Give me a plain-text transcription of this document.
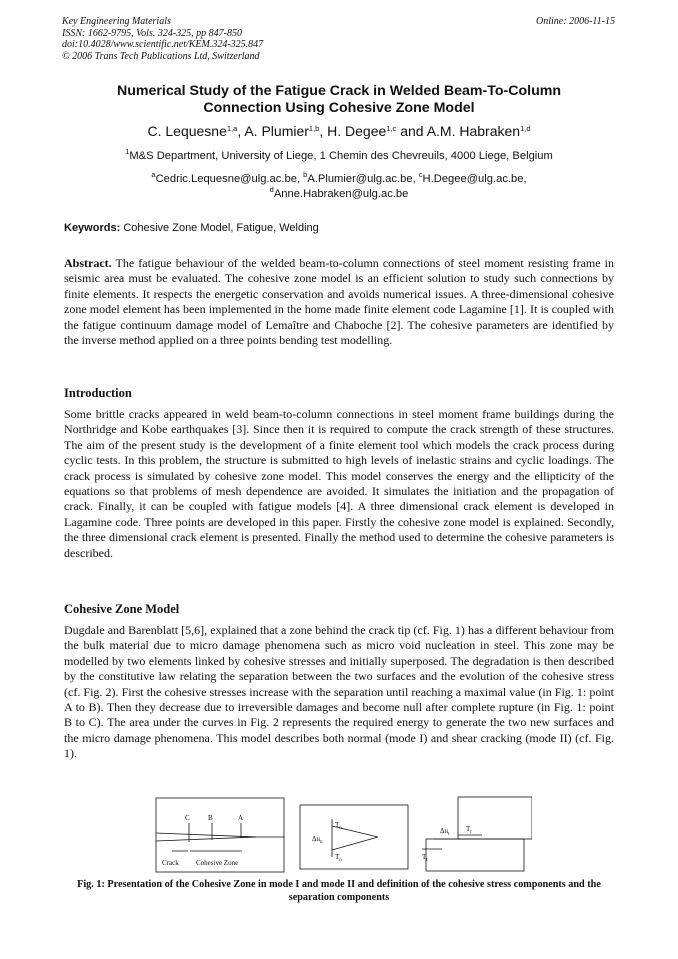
Key Engineering Materials
ISSN: 1662-9795, Vols. 324-325, pp 847-850
doi:10.4028/www.scientific.net/KEM.324-325.847
© 2006 Trans Tech Publications Ltd, Switzerland
Online: 2006-11-15
Numerical Study of the Fatigue Crack in Welded Beam-To-Column
Connection Using Cohesive Zone Model
C. Lequesne$^{1,a}$, A. Plumier$^{1,b}$, H. Degee$^{1,c}$ and A.M. Habraken$^{1,d}$
$^1$M&S Department, University of Liege, 1 Chemin des Chevreuils, 4000 Liege, Belgium
$^a$Cedric.Lequesne@ulg.ac.be, $^b$A.Plumier@ulg.ac.be, $^c$H.Degee@ulg.ac.be,
$^d$Anne.Habraken@ulg.ac.be
Keywords: Cohesive Zone Model, Fatigue, Welding
Abstract. The fatigue behaviour of the welded beam-to-column connections of steel moment resisting frame in seismic area must be evaluated. The cohesive zone model is an efficient solution to study such connections by finite elements. It respects the energetic conservation and avoids numerical issues. A three-dimensional cohesive zone model element has been implemented in the home made finite element code Lagamine [1]. It is coupled with the fatigue continuum damage model of Lemaître and Chaboche [2]. The cohesive parameters are identified by the inverse method applied on a three points bending test modelling.
Introduction
Some brittle cracks appeared in weld beam-to-column connections in steel moment frame buildings during the Northridge and Kobe earthquakes [3]. Since then it is required to compute the crack strength of these structures. The aim of the present study is the development of a finite element tool which models the crack process during cyclic tests. In this problem, the structure is submitted to high levels of inelastic strains and cyclic loadings. The crack process is simulated by cohesive zone model. This model conserves the energy and the ellipticity of the equations so that problems of mesh dependence are avoided. It simulates the initiation and the propagation of crack. Finally, it can be coupled with fatigue models [4]. A three dimensional crack element is developed in Lagamine code. Three points are developed in this paper. Firstly the cohesive zone model is explained. Secondly, the three dimensional crack element is presented. Finally the method used to determine the cohesive parameters is described.
Cohesive Zone Model
Dugdale and Barenblatt [5,6], explained that a zone behind the crack tip (cf. Fig. 1) has a different behaviour from the bulk material due to micro damage phenomena such as micro void nucleation in steel. This zone may be modelled by two elements linked by cohesive stresses and initially superposed. The degradation is then described by the constitutive law relating the separation between the two surfaces and the evolution of the cohesive stress (cf. Fig. 2). First the cohesive stresses increase with the separation until reaching a maximal value (in Fig. 1: point A to B). Then they decrease due to irreversible damages and become null after complete rupture (in Fig. 1: point B to C). The area under the curves in Fig. 2 represents the required energy to generate the two new surfaces and the micro damage phenomena. This model describes both normal (mode I) and shear cracking (mode II) (cf. Fig. 1).
C	B	A
Crack Cohesive Zone
$T_n$
$T_n$
$\Delta u_n$
$\Delta u_t$
$T_t$
$T_t$
Fig. 1: Presentation of the Cohesive Zone in mode I and mode II and definition of the cohesive stress components and the separation components
